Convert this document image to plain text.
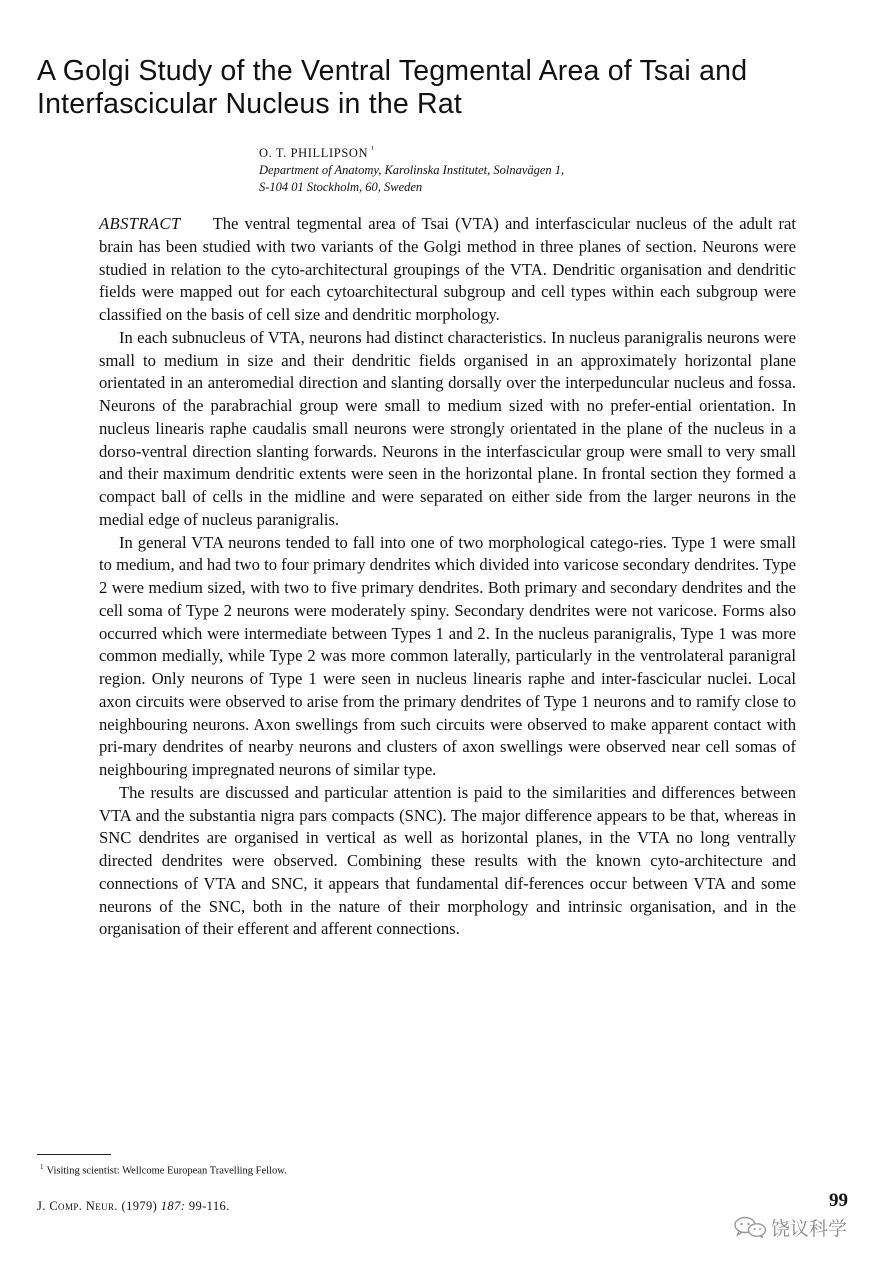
A Golgi Study of the Ventral Tegmental Area of Tsai and
Interfascicular Nucleus in the Rat
O. T. PHILLIPSON $^{^1}$
Department of Anatomy, Karolinska Institutet, Solnavägen 1,
S-104 01 Stockholm, 60, Sweden

ABSTRACT The ventral tegmental area of Tsai (VTA) and interfascicular nucleus of the adult rat brain has been studied with two variants of the Golgi method in three planes of section. Neurons were studied in relation to the cyto-architectural groupings of the VTA. Dendritic organisation and dendritic fields were mapped out for each cytoarchitectural subgroup and cell types within each subgroup were classified on the basis of cell size and dendritic morphology.

In each subnucleus of VTA, neurons had distinct characteristics. In nucleus paranigralis neurons were small to medium in size and their dendritic fields organised in an approximately horizontal plane orientated in an anteromedial direction and slanting dorsally over the interpeduncular nucleus and fossa. Neurons of the parabrachial group were small to medium sized with no prefer-ential orientation. In nucleus linearis raphe caudalis small neurons were strongly orientated in the plane of the nucleus in a dorso-ventral direction slanting forwards. Neurons in the interfascicular group were small to very small and their maximum dendritic extents were seen in the horizontal plane. In frontal section they formed a compact ball of cells in the midline and were separated on either side from the larger neurons in the medial edge of nucleus paranigralis.

In general VTA neurons tended to fall into one of two morphological catego-ries. Type 1 were small to medium, and had two to four primary dendrites which divided into varicose secondary dendrites. Type 2 were medium sized, with two to five primary dendrites. Both primary and secondary dendrites and the cell soma of Type 2 neurons were moderately spiny. Secondary dendrites were not varicose. Forms also occurred which were intermediate between Types 1 and 2. In the nucleus paranigralis, Type 1 was more common medially, while Type 2 was more common laterally, particularly in the ventrolateral paranigral region. Only neurons of Type 1 were seen in nucleus linearis raphe and inter-fascicular nuclei. Local axon circuits were observed to arise from the primary dendrites of Type 1 neurons and to ramify close to neighbouring neurons. Axon swellings from such circuits were observed to make apparent contact with pri-mary dendrites of nearby neurons and clusters of axon swellings were observed near cell somas of neighbouring impregnated neurons of similar type.

The results are discussed and particular attention is paid to the similarities and differences between VTA and the substantia nigra pars compacts (SNC). The major difference appears to be that, whereas in SNC dendrites are organised in vertical as well as horizontal planes, in the VTA no long ventrally directed dendrites were observed. Combining these results with the known cyto-architecture and connections of VTA and SNC, it appears that fundamental dif-ferences occur between VTA and some neurons of the SNC, both in the nature of their morphology and intrinsic organisation, and in the organisation of their efferent and afferent connections.

$^1$ Visiting scientist: Wellcome European Travelling Fellow.
J. Comp. Neur. (1979) 187: 99-116.	99
饶议科学
